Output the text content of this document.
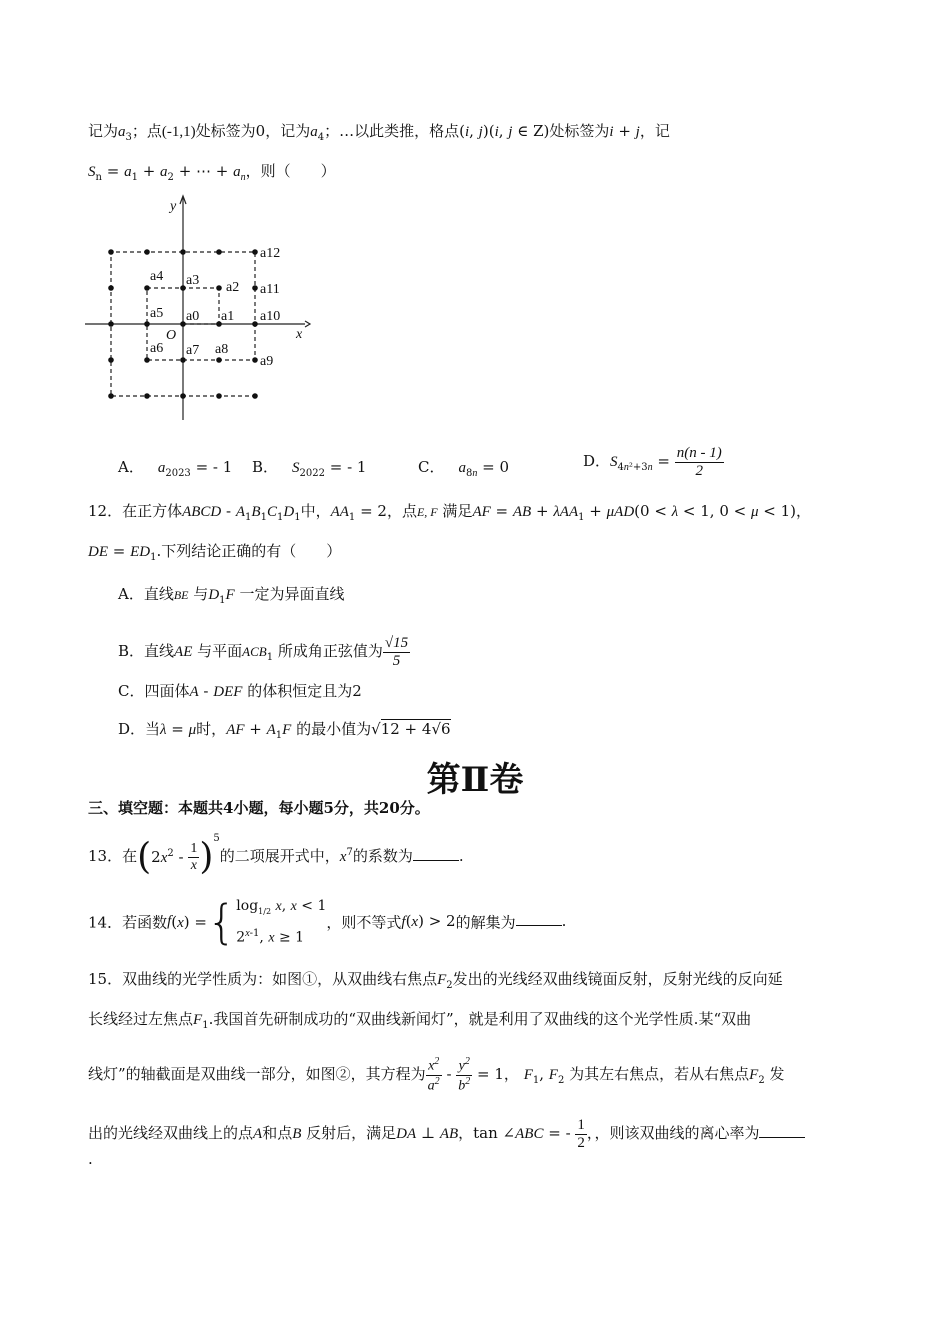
记为$a_3$；点(-1,1)处标签为0，记为$a_4$；…以此类推，格点(i, j)(i, j ∈ Z)处标签为i + j，记
$S_n = a_1 + a_2$ + ⋯ + $a_n$，则（　　）
y
x
O
a12
a4 a3 a2 a11
a5 a0 a1 a10
a6 a7 a8
a9
A． $a_{2023}$ = - 1 B． $S_{2022}$ = - 1	C． $a_{8n} = 0$	D．$S_{4n^2+3n} = \frac{n(n - 1)}{2}$
12．在正方体ABCD - $A_1B_1C_1D_1$中，$AA_1 = 2$，点E, F 满足AF = AB + λAA$_1$ + μAD(0 < λ < 1, 0 < μ < 1)，
DE = $ED_1$.下列结论正确的有（　　）
A．直线BE 与$D_1F$ 一定为异面直线
B．直线AE 与平面$ACB_1$ 所成角正弦值为 $\frac{√15}{5}$
C．四面体A - DEF 的体积恒定且为2
D．当λ = μ时，AF + $A_1F$ 的最小值为√12 + 4√6
第Ⅱ卷
三、填空题：本题共4小题，每小题5分，共20分。
13．在$(2x^2 - \frac{1}{x} )^5$的二项展开式中，$x^7$的系数为	.
14．若函数f(x) ={ $\log_{1/2} x$, x < 1
2$^{x-1}$, x ≥ 1
，则不等式f(x) > 2的解集为	.
15．双曲线的光学性质为：如图①，从双曲线右焦点$F_2$发出的光线经双曲线镜面反射，反射光线的反向延
长线经过左焦点$F_1$.我国首先研制成功的“双曲线新闻灯”，就是利用了双曲线的这个光学性质.某“双曲
线灯”的轴截面是双曲线一部分，如图②，其方程为 $\frac{x^2}{a^2} - \frac{y^2}{b^2} = 1$， $F_1$, $F_2$ 为其左右焦点，若从右焦点$F_2$ 发
出的光线经双曲线上的点A和点B 反射后，满足DA ⊥ AB，tan ∠ABC = - $\frac{1}{2}$ ，，则该双曲线的离心率为
.
